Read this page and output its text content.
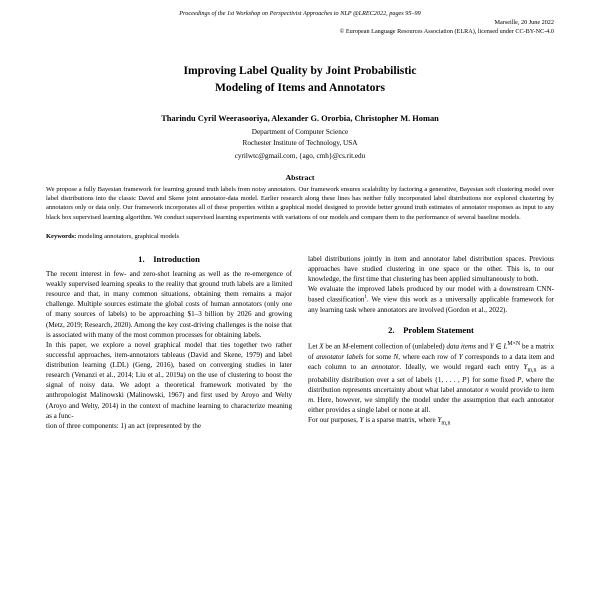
Proceedings of the 1st Workshop on Perspectivist Approaches to NLP @LREC2022, pages 95–99
Marseille, 20 June 2022
© European Language Resources Association (ELRA), licensed under CC-BY-NC-4.0
Improving Label Quality by Joint Probabilistic
Modeling of Items and Annotators
Tharindu Cyril Weerasooriya, Alexander G. Ororbia, Christopher M. Homan
Department of Computer Science
Rochester Institute of Technology, USA
cyrilwtc@gmail.com, {ago, cmh}@cs.rit.edu
Abstract
We propose a fully Bayesian framework for learning ground truth labels from noisy annotators. Our framework ensures scalability by factoring a generative, Bayesian soft clustering model over label distributions into the classic David and Skene joint annotator-data model. Earlier research along these lines has neither fully incorporated label distributions nor explored clustering by annotators only or data only. Our framework incorporates all of these properties within a graphical model designed to provide better ground truth estimates of annotator responses as input to any black box supervised learning algorithm. We conduct supervised learning experiments with variations of our models and compare them to the performance of several baseline models.
Keywords: modeling annotators, graphical models
1. Introduction

The recent interest in few- and zero-shot learning as well as the re-emergence of weakly supervised learning speaks to the reality that ground truth labels are a limited resource and that, in many common situations, obtaining them remains a major challenge. Multiple sources estimate the global costs of human annotators (only one of many sources of labels) to be approaching $1–3 billion by 2026 and growing (Metz, 2019; Research, 2020). Among the key cost-driving challenges is the noise that is associated with many of the most common processes for obtaining labels.

In this paper, we explore a novel graphical model that ties together two rather successful approaches, item-annotators tableaus (David and Skene, 1979) and label distribution learning (LDL) (Geng, 2016), based on converging studies in later research (Venanzi et al., 2014; Liu et al., 2019a) on the use of clustering to boost the signal of noisy data. We adopt a theoretical framework motivated by the anthropologist Malinowski (Malinowski, 1967) and first used by Aroyo and Welty (Aroyo and Welty, 2014) in the context of machine learning to characterize meaning as a func-

tion of three components: 1) an act (represented by the

label distributions jointly in item and annotator label distribution spaces. Previous approaches have studied clustering in one space or the other. This is, to our knowledge, the first time that clustering has been applied simultaneously to both.

We evaluate the improved labels produced by our model with a downstream CNN-based classification$^1$. We view this work as a universally applicable framework for any learning task where annotators are involved (Gordon et al., 2022).

2. Problem Statement

Let X be an M-element collection of (unlabeled) data items and Y ∈ $L^{M\times N}$ be a matrix of annotator labels for some N, where each row of Y corresponds to a data item and each column to an annotator. Ideally, we would regard each entry $Y_{m,n}$ as a probability distribution over a set of labels {1, . . . , P} for some fixed P, where the distribution represents uncertainty about what label annotator n would provide to item m. Here, however, we simplify the model under the assumption that each annotator either provides a single label or none at all.

For our purposes, Y is a sparse matrix, where $Y_{m,n}$
